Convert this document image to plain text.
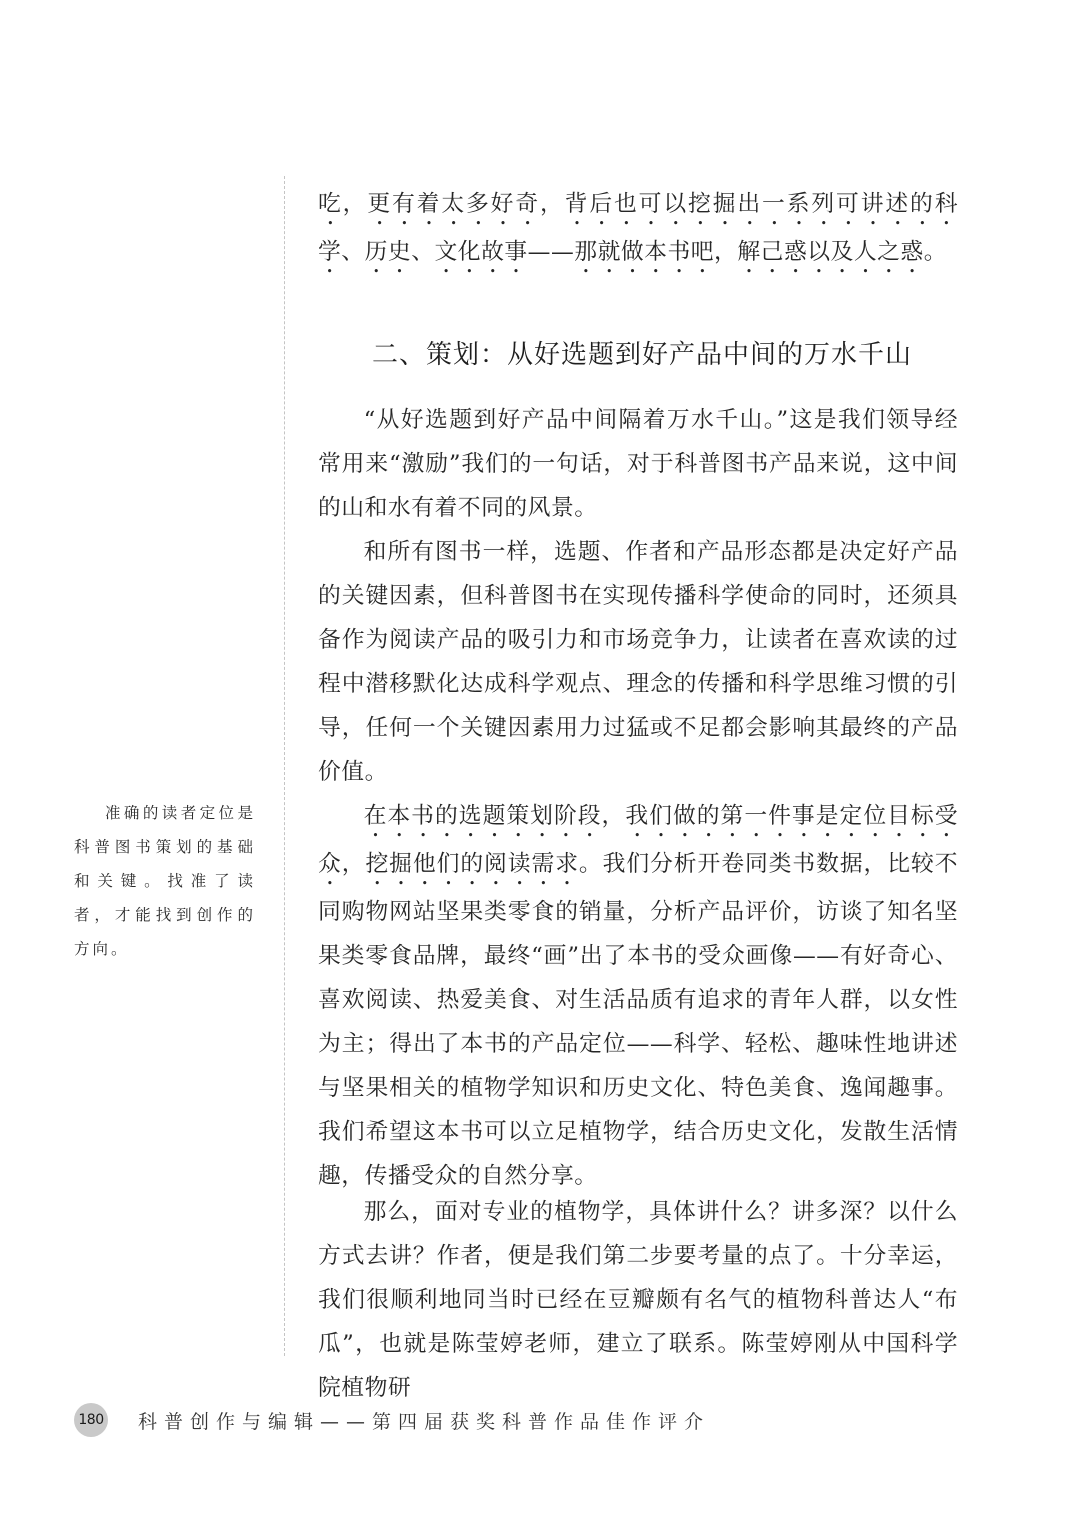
吃，更有着太多好奇，背后也可以挖掘出一系列可讲述的科学、历史、文化故事——那就做本书吧，解己惑以及人之惑。

二、策划：从好选题到好产品中间的万水千山

“从好选题到好产品中间隔着万水千山。”这是我们领导经常用来“激励”我们的一句话，对于科普图书产品来说，这中间的山和水有着不同的风景。

和所有图书一样，选题、作者和产品形态都是决定好产品的关键因素，但科普图书在实现传播科学使命的同时，还须具备作为阅读产品的吸引力和市场竞争力，让读者在喜欢读的过程中潜移默化达成科学观点、理念的传播和科学思维习惯的引导，任何一个关键因素用力过猛或不足都会影响其最终的产品价值。

在本书的选题策划阶段，我们做的第一件事是定位目标受众，挖掘他们的阅读需求。我们分析开卷同类书数据，比较不同购物网站坚果类零食的销量，分析产品评价，访谈了知名坚果类零食品牌，最终“画”出了本书的受众画像——有好奇心、喜欢阅读、热爱美食、对生活品质有追求的青年人群，以女性为主；得出了本书的产品定位——科学、轻松、趣味性地讲述与坚果相关的植物学知识和历史文化、特色美食、逸闻趣事。我们希望这本书可以立足植物学，结合历史文化，发散生活情趣，传播受众的自然分享。

那么，面对专业的植物学，具体讲什么？讲多深？以什么方式去讲？作者，便是我们第二步要考量的点了。十分幸运，我们很顺利地同当时已经在豆瓣颇有名气的植物科普达人“布瓜”，也就是陈莹婷老师，建立了联系。陈莹婷刚从中国科学院植物研

准确的读者定位是科普图书策划的基础和关键。找准了读者，才能找到创作的方向。

180 科普创作与编辑——第四届获奖科普作品佳作评介
